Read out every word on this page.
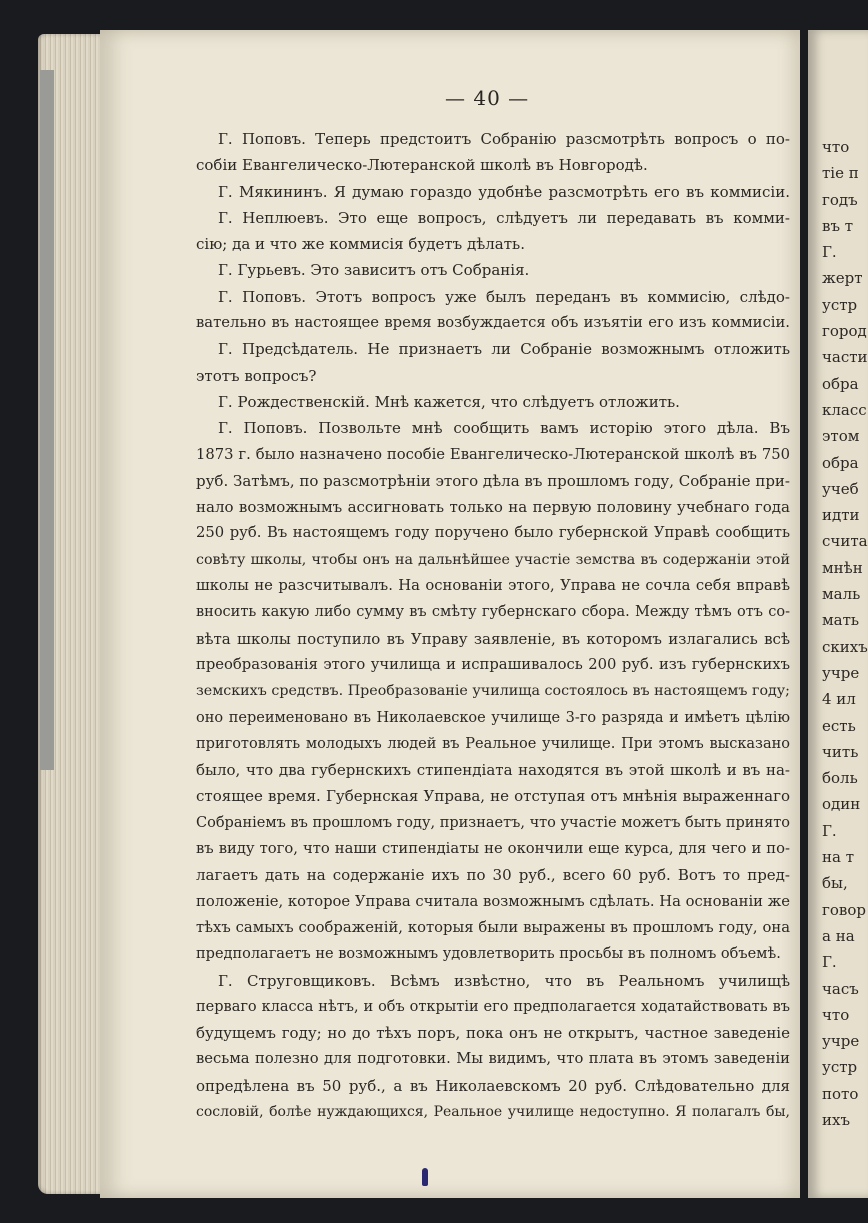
— 40 —
Г. Поповъ. Теперь предстоитъ Собранію разсмотрѣть вопросъ о по-
собіи Евангелическо-Лютеранской школѣ въ Новгородѣ.
Г. Мякининъ. Я думаю гораздо удобнѣе разсмотрѣть его въ коммисіи.
Г. Неплюевъ. Это еще вопросъ, слѣдуетъ ли передавать въ комми-
сію; да и что же коммисія будетъ дѣлать.
Г. Гурьевъ. Это зависитъ отъ Собранія.
Г. Поповъ. Этотъ вопросъ уже былъ переданъ въ коммисію, слѣдо-
вательно въ настоящее время возбуждается объ изъятіи его изъ коммисіи.
Г. Предсѣдатель. Не признаетъ ли Собраніе возможнымъ отложить
этотъ вопросъ?
Г. Рождественскій. Мнѣ кажется, что слѣдуетъ отложить.
Г. Поповъ. Позвольте мнѣ сообщить вамъ исторію этого дѣла. Въ
1873 г. было назначено пособіе Евангелическо-Лютеранской школѣ въ 750
руб. Затѣмъ, по разсмотрѣніи этого дѣла въ прошломъ году, Собраніе при-
нало возможнымъ ассигновать только на первую половину учебнаго года
250 руб. Въ настоящемъ году поручено было губернской Управѣ сообщить
совѣту школы, чтобы онъ на дальнѣйшее участіе земства въ содержаніи этой
школы не разсчитывалъ. На основаніи этого, Управа не сочла себя вправѣ
вносить какую либо сумму въ смѣту губернскаго сбора. Между тѣмъ отъ со-
вѣта школы поступило въ Управу заявленіе, въ которомъ излагались всѣ
преобразованія этого училища и испрашивалось 200 руб. изъ губернскихъ
земскихъ средствъ. Преобразованіе училища состоялось въ настоящемъ году;
оно переименовано въ Николаевское училище 3-го разряда и имѣетъ цѣлію
приготовлять молодыхъ людей въ Реальное училище. При этомъ высказано
было, что два губернскихъ стипендіата находятся въ этой школѣ и въ на-
стоящее время. Губернская Управа, не отступая отъ мнѣнія выраженнаго
Собраніемъ въ прошломъ году, признаетъ, что участіе можетъ быть принято
въ виду того, что наши стипендіаты не окончили еще курса, для чего и по-
лагаетъ дать на содержаніе ихъ по 30 руб., всего 60 руб. Вотъ то пред-
положеніе, которое Управа считала возможнымъ сдѣлать. На основаніи же
тѣхъ самыхъ соображеній, которыя были выражены въ прошломъ году, она
предполагаетъ не возможнымъ удовлетворить просьбы въ полномъ объемѣ.
Г. Струговщиковъ. Всѣмъ извѣстно, что въ Реальномъ училищѣ
перваго класса нѣтъ, и объ открытіи его предполагается ходатайствовать въ
будущемъ году; но до тѣхъ поръ, пока онъ не открытъ, частное заведеніе
весьма полезно для подготовки. Мы видимъ, что плата въ этомъ заведеніи
опредѣлена въ 50 руб., а въ Николаевскомъ 20 руб. Слѣдовательно для
сословій, болѣе нуждающихся, Реальное училище недоступно. Я полагалъ бы,
что
тіе п
годъ
въ т
Г.
жерт
устр
город
части
обра
класс
этом
обра
учеб
идти
счита
мнѣн
маль
мать
скихъ
учре
4 ил
есть
чить
боль
один
Г.
на т
бы,
говор
а на
Г.
часъ
что
учре
устр
пото
ихъ
